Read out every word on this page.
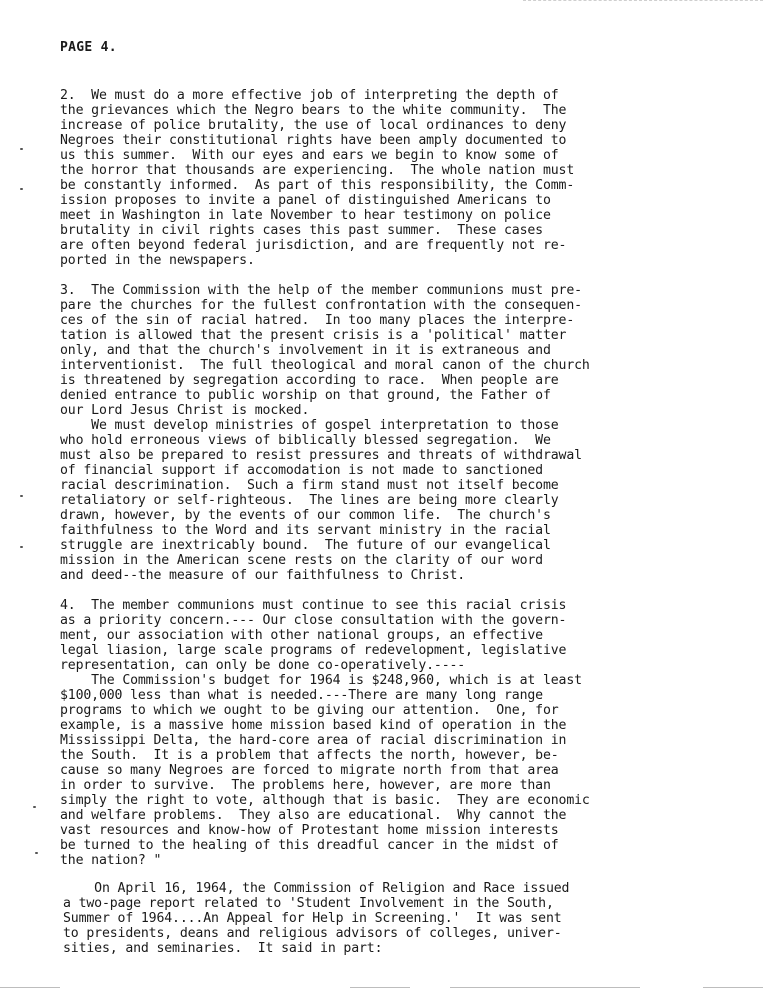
PAGE 4.
2.  We must do a more effective job of interpreting the depth of
the grievances which the Negro bears to the white community.  The
increase of police brutality, the use of local ordinances to deny
Negroes their constitutional rights have been amply documented to
us this summer.  With our eyes and ears we begin to know some of
the horror that thousands are experiencing.  The whole nation must
be constantly informed.  As part of this responsibility, the Comm-
ission proposes to invite a panel of distinguished Americans to
meet in Washington in late November to hear testimony on police
brutality in civil rights cases this past summer.  These cases
are often beyond federal jurisdiction, and are frequently not re-
ported in the newspapers.
3.  The Commission with the help of the member communions must pre-
pare the churches for the fullest confrontation with the consequen-
ces of the sin of racial hatred.  In too many places the interpre-
tation is allowed that the present crisis is a 'political' matter
only, and that the church's involvement in it is extraneous and
interventionist.  The full theological and moral canon of the church
is threatened by segregation according to race.  When people are
denied entrance to public worship on that ground, the Father of
our Lord Jesus Christ is mocked.
We must develop ministries of gospel interpretation to those
who hold erroneous views of biblically blessed segregation.  We
must also be prepared to resist pressures and threats of withdrawal
of financial support if accomodation is not made to sanctioned
racial descrimination.  Such a firm stand must not itself become
retaliatory or self-righteous.  The lines are being more clearly
drawn, however, by the events of our common life.  The church's
faithfulness to the Word and its servant ministry in the racial
struggle are inextricably bound.  The future of our evangelical
mission in the American scene rests on the clarity of our word
and deed--the measure of our faithfulness to Christ.
4.  The member communions must continue to see this racial crisis
as a priority concern.--- Our close consultation with the govern-
ment, our association with other national groups, an effective
legal liasion, large scale programs of redevelopment, legislative
representation, can only be done co-operatively.----
The Commission's budget for 1964 is $248,960, which is at least
$100,000 less than what is needed.---There are many long range
programs to which we ought to be giving our attention.  One, for
example, is a massive home mission based kind of operation in the
Mississippi Delta, the hard-core area of racial discrimination in
the South.  It is a problem that affects the north, however, be-
cause so many Negroes are forced to migrate north from that area
in order to survive.  The problems here, however, are more than
simply the right to vote, although that is basic.  They are economic
and welfare problems.  They also are educational.  Why cannot the
vast resources and know-how of Protestant home mission interests
be turned to the healing of this dreadful cancer in the midst of
the nation? "
On April 16, 1964, the Commission of Religion and Race issued
a two-page report related to 'Student Involvement in the South,
Summer of 1964....An Appeal for Help in Screening.'  It was sent
to presidents, deans and religious advisors of colleges, univer-
sities, and seminaries.  It said in part:
